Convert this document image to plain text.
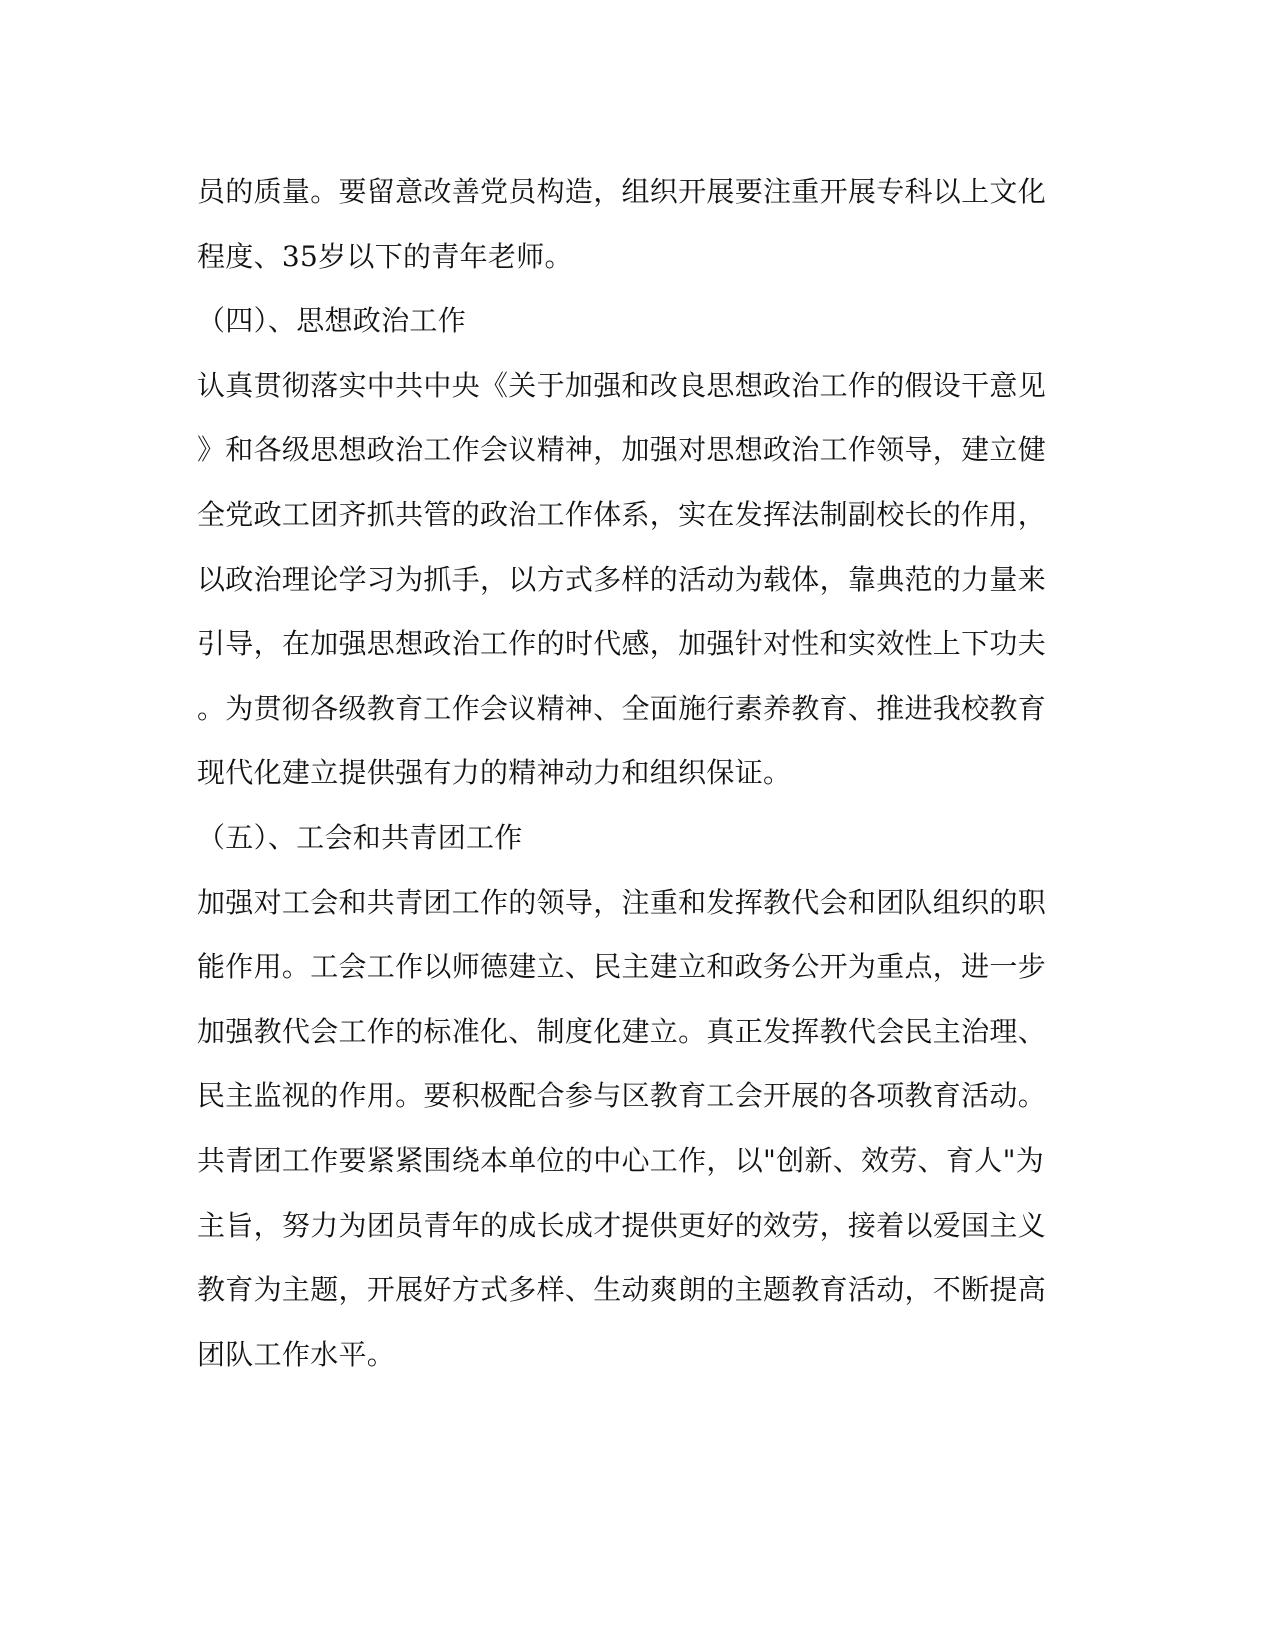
员的质量。要留意改善党员构造，组织开展要注重开展专科以上文化
程度、35岁以下的青年老师。
（四）、思想政治工作
认真贯彻落实中共中央《关于加强和改良思想政治工作的假设干意见
》和各级思想政治工作会议精神，加强对思想政治工作领导，建立健
全党政工团齐抓共管的政治工作体系，实在发挥法制副校长的作用，
以政治理论学习为抓手，以方式多样的活动为载体，靠典范的力量来
引导，在加强思想政治工作的时代感，加强针对性和实效性上下功夫
。为贯彻各级教育工作会议精神、全面施行素养教育、推进我校教育
现代化建立提供强有力的精神动力和组织保证。
（五）、工会和共青团工作
加强对工会和共青团工作的领导，注重和发挥教代会和团队组织的职
能作用。工会工作以师德建立、民主建立和政务公开为重点，进一步
加强教代会工作的标准化、制度化建立。真正发挥教代会民主治理、
民主监视的作用。要积极配合参与区教育工会开展的各项教育活动。
共青团工作要紧紧围绕本单位的中心工作，以"创新、效劳、育人"为
主旨，努力为团员青年的成长成才提供更好的效劳，接着以爱国主义
教育为主题，开展好方式多样、生动爽朗的主题教育活动，不断提高
团队工作水平。
